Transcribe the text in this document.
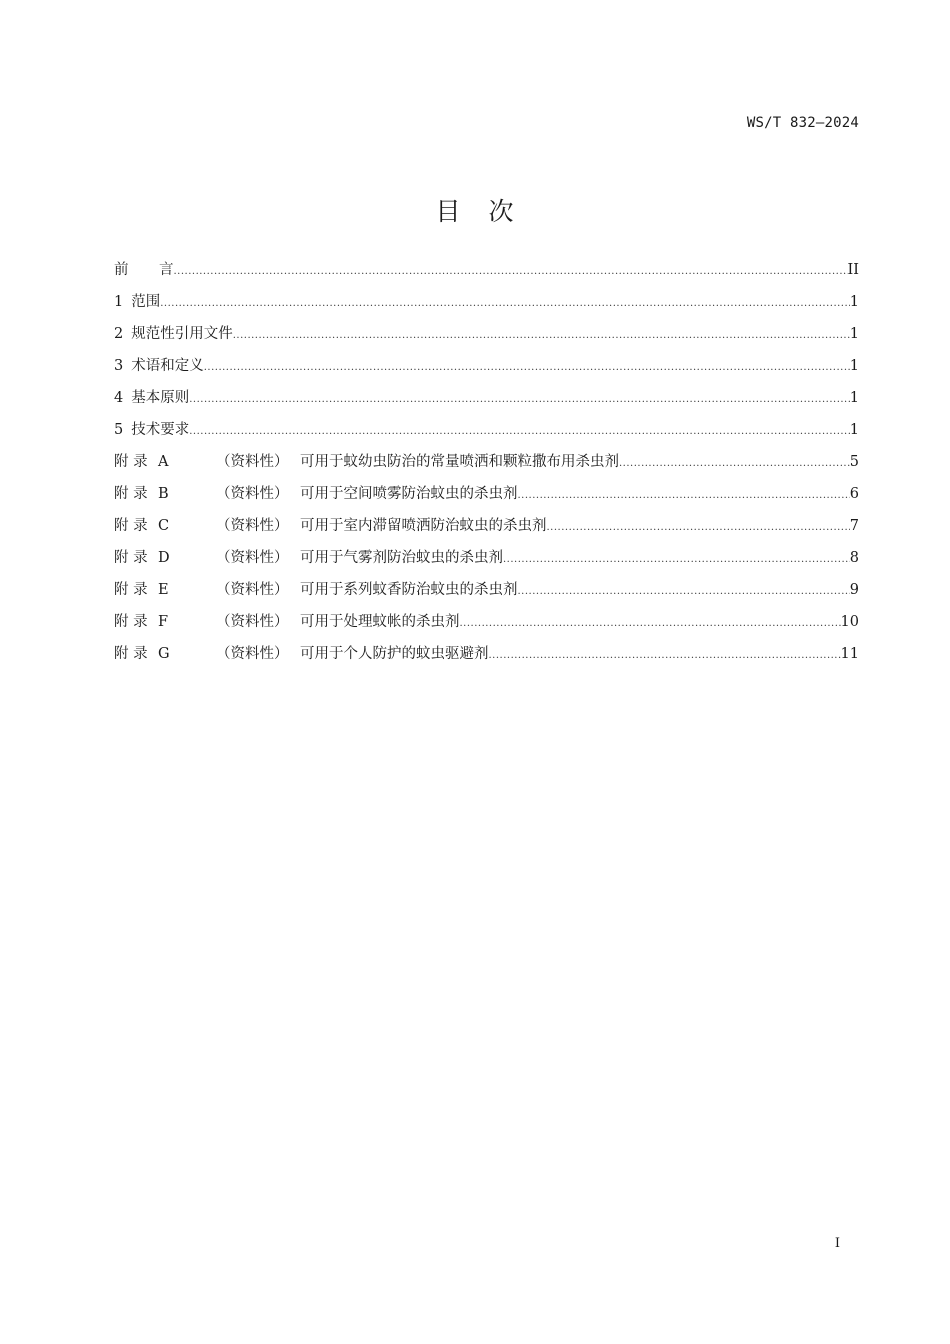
WS/T 832—2024
目 次
前 言 .....	II
1 范围 .....	1
2 规范性引用文件 .....	1
3 术语和定义 .....	1
4 基本原则 .....	1
5 技术要求 .....	1
附 录 A	（资料性） 可用于蚊幼虫防治的常量喷洒和颗粒撒布用杀虫剂 .....	5
附 录 B	（资料性） 可用于空间喷雾防治蚊虫的杀虫剂 .....	6
附 录 C	（资料性） 可用于室内滞留喷洒防治蚊虫的杀虫剂 .....	7
附 录 D	（资料性） 可用于气雾剂防治蚊虫的杀虫剂 .....	8
附 录 E	（资料性） 可用于系列蚊香防治蚊虫的杀虫剂 .....	9
附 录 F	（资料性） 可用于处理蚊帐的杀虫剂 .....	10
附 录 G	（资料性） 可用于个人防护的蚊虫驱避剂 .....	11
I
